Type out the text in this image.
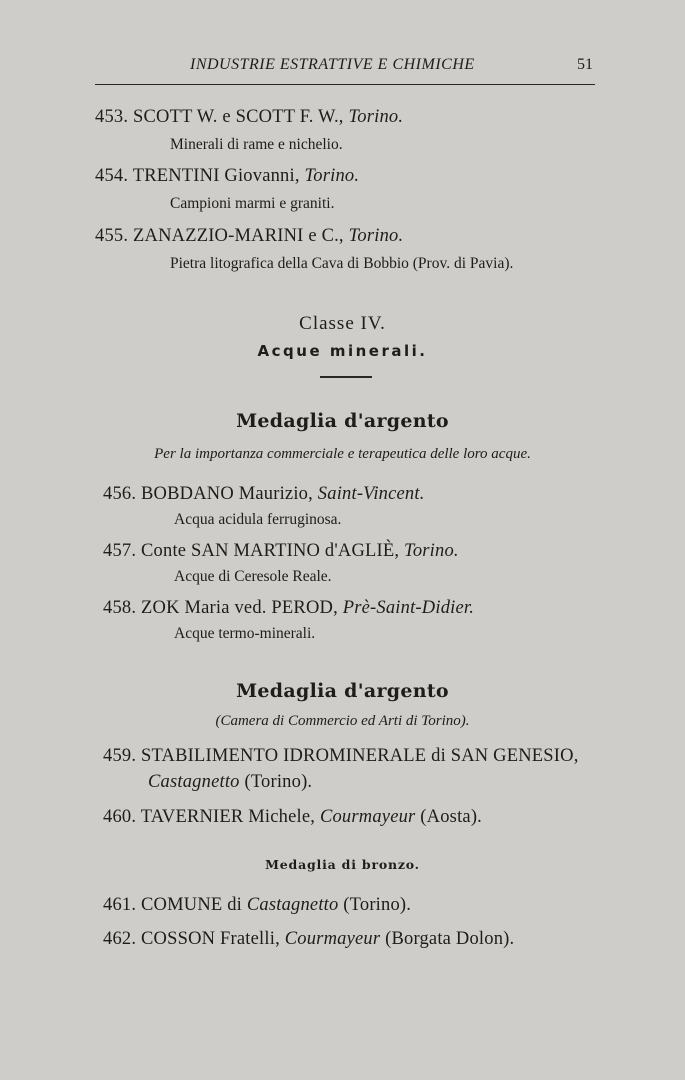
INDUSTRIE ESTRATTIVE E CHIMICHE	51
453. SCOTT W. e SCOTT F. W., Torino.
Minerali di rame e nichelio.
454. TRENTINI Giovanni, Torino.
Campioni marmi e graniti.
455. ZANAZZIO-MARINI e C., Torino.
Pietra litografica della Cava di Bobbio (Prov. di Pavia).
Classe IV.
Acque minerali.
Medaglia d'argento
Per la importanza commerciale e terapeutica delle loro acque.
456. BOBDANO Maurizio, Saint-Vincent.
Acqua acidula ferruginosa.
457. Conte SAN MARTINO d'AGLIÈ, Torino.
Acque di Ceresole Reale.
458. ZOK Maria ved. PEROD, Prè-Saint-Didier.
Acque termo-minerali.
Medaglia d'argento
(Camera di Commercio ed Arti di Torino).
459. STABILIMENTO IDROMINERALE di SAN GENESIO,
Castagnetto (Torino).
460. TAVERNIER Michele, Courmayeur (Aosta).
Medaglia di bronzo.
461. COMUNE di Castagnetto (Torino).
462. COSSON Fratelli, Courmayeur (Borgata Dolon).
